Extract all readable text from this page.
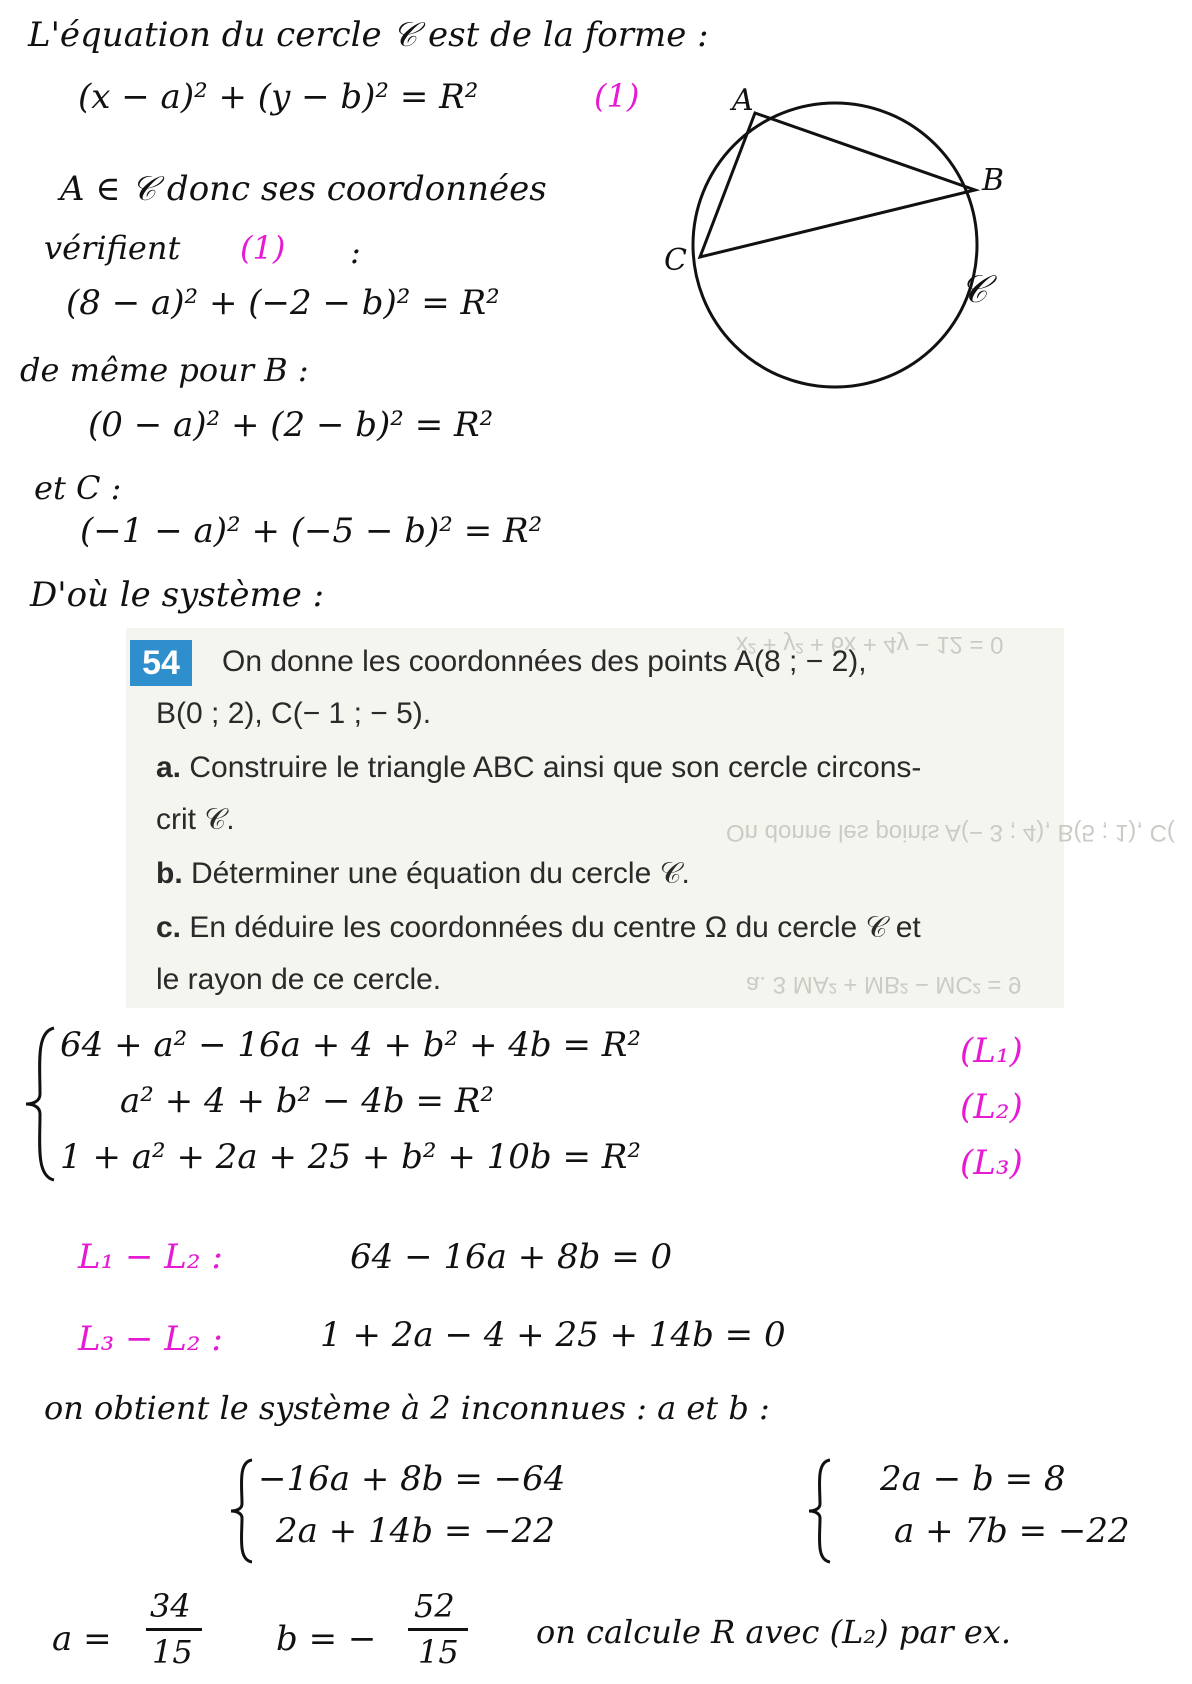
L'équation du cercle 𝒞 est de la forme :
(x − a)² + (y − b)² = R²	(1)
A ∈ 𝒞 donc ses coordonnées
vérifient (1) :
(8 − a)² + (−2 − b)² = R²
de même pour B :
(0 − a)² + (2 − b)² = R²
et C :
(−1 − a)² + (−5 − b)² = R²
D'où le système :
A
B
C
𝒞
x² + y² + 6x + 4y − 12 = 0
On donne les points A(− 3 ; 4), B(5 ; 1), C(
a. 3 MA² + MB² − MC² = 9
54	On donne les coordonnées des points A(8 ; − 2),
B(0 ; 2), C(− 1 ; − 5).
a. Construire le triangle ABC ainsi que son cercle circons-
crit 𝒞.
b. Déterminer une équation du cercle 𝒞.
c. En déduire les coordonnées du centre Ω du cercle 𝒞 et
le rayon de ce cercle.
64 + a² − 16a + 4 + b² + 4b = R²	(L₁)
a² + 4 + b² − 4b = R²	(L₂)
1 + a² + 2a + 25 + b² + 10b = R²	(L₃)
L₁ − L₂ :	64 − 16a + 8b = 0
L₃ − L₂ :	1 + 2a − 4 + 25 + 14b = 0
on obtient le système à 2 inconnues : a et b :
−16a + 8b = −64
2a + 14b = −22
2a − b = 8
a + 7b = −22
a =
34
15 b = −
52
15
on calcule R avec (L₂) par ex.
